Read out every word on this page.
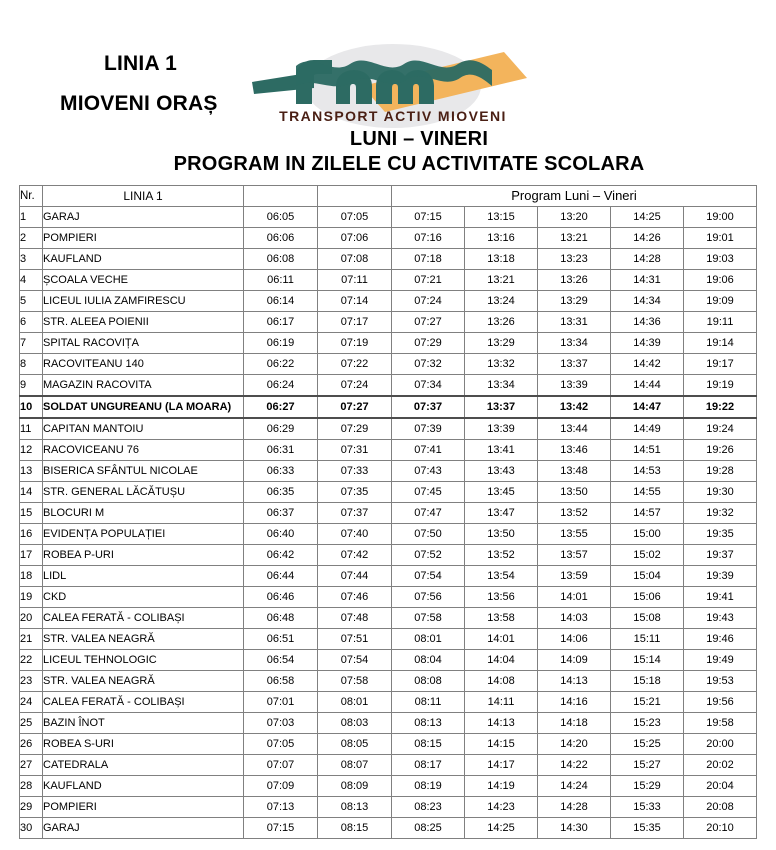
LINIA 1
MIOVENI ORAȘ
TRANSPORT ACTIV MIOVENI
LUNI – VINERI
PROGRAM IN ZILELE CU ACTIVITATE SCOLARA
Nr.	LINIA 1			Program Luni – Vineri				
1	GARAJ	06:05	07:05	07:15	13:15	13:20	14:25	19:00
2	POMPIERI	06:06	07:06	07:16	13:16	13:21	14:26	19:01
3	KAUFLAND	06:08	07:08	07:18	13:18	13:23	14:28	19:03
4	ȘCOALA VECHE	06:11	07:11	07:21	13:21	13:26	14:31	19:06
5	LICEUL IULIA ZAMFIRESCU	06:14	07:14	07:24	13:24	13:29	14:34	19:09
6	STR. ALEEA POIENII	06:17	07:17	07:27	13:26	13:31	14:36	19:11
7	SPITAL RACOVIȚA	06:19	07:19	07:29	13:29	13:34	14:39	19:14
8	RACOVITEANU 140	06:22	07:22	07:32	13:32	13:37	14:42	19:17
9	MAGAZIN RACOVITA	06:24	07:24	07:34	13:34	13:39	14:44	19:19
10	SOLDAT UNGUREANU (LA MOARA)	06:27	07:27	07:37	13:37	13:42	14:47	19:22
11	CAPITAN MANTOIU	06:29	07:29	07:39	13:39	13:44	14:49	19:24
12	RACOVICEANU 76	06:31	07:31	07:41	13:41	13:46	14:51	19:26
13	BISERICA SFÂNTUL NICOLAE	06:33	07:33	07:43	13:43	13:48	14:53	19:28
14	STR. GENERAL LĂCĂTUȘU	06:35	07:35	07:45	13:45	13:50	14:55	19:30
15	BLOCURI M	06:37	07:37	07:47	13:47	13:52	14:57	19:32
16	EVIDENȚA POPULAȚIEI	06:40	07:40	07:50	13:50	13:55	15:00	19:35
17	ROBEA P-URI	06:42	07:42	07:52	13:52	13:57	15:02	19:37
18	LIDL	06:44	07:44	07:54	13:54	13:59	15:04	19:39
19	CKD	06:46	07:46	07:56	13:56	14:01	15:06	19:41
20	CALEA FERATĂ - COLIBAȘI	06:48	07:48	07:58	13:58	14:03	15:08	19:43
21	STR. VALEA NEAGRĂ	06:51	07:51	08:01	14:01	14:06	15:11	19:46
22	LICEUL TEHNOLOGIC	06:54	07:54	08:04	14:04	14:09	15:14	19:49
23	STR. VALEA NEAGRĂ	06:58	07:58	08:08	14:08	14:13	15:18	19:53
24	CALEA FERATĂ - COLIBAȘI	07:01	08:01	08:11	14:11	14:16	15:21	19:56
25	BAZIN ÎNOT	07:03	08:03	08:13	14:13	14:18	15:23	19:58
26	ROBEA S-URI	07:05	08:05	08:15	14:15	14:20	15:25	20:00
27	CATEDRALA	07:07	08:07	08:17	14:17	14:22	15:27	20:02
28	KAUFLAND	07:09	08:09	08:19	14:19	14:24	15:29	20:04
29	POMPIERI	07:13	08:13	08:23	14:23	14:28	15:33	20:08
30	GARAJ	07:15	08:15	08:25	14:25	14:30	15:35	20:10
